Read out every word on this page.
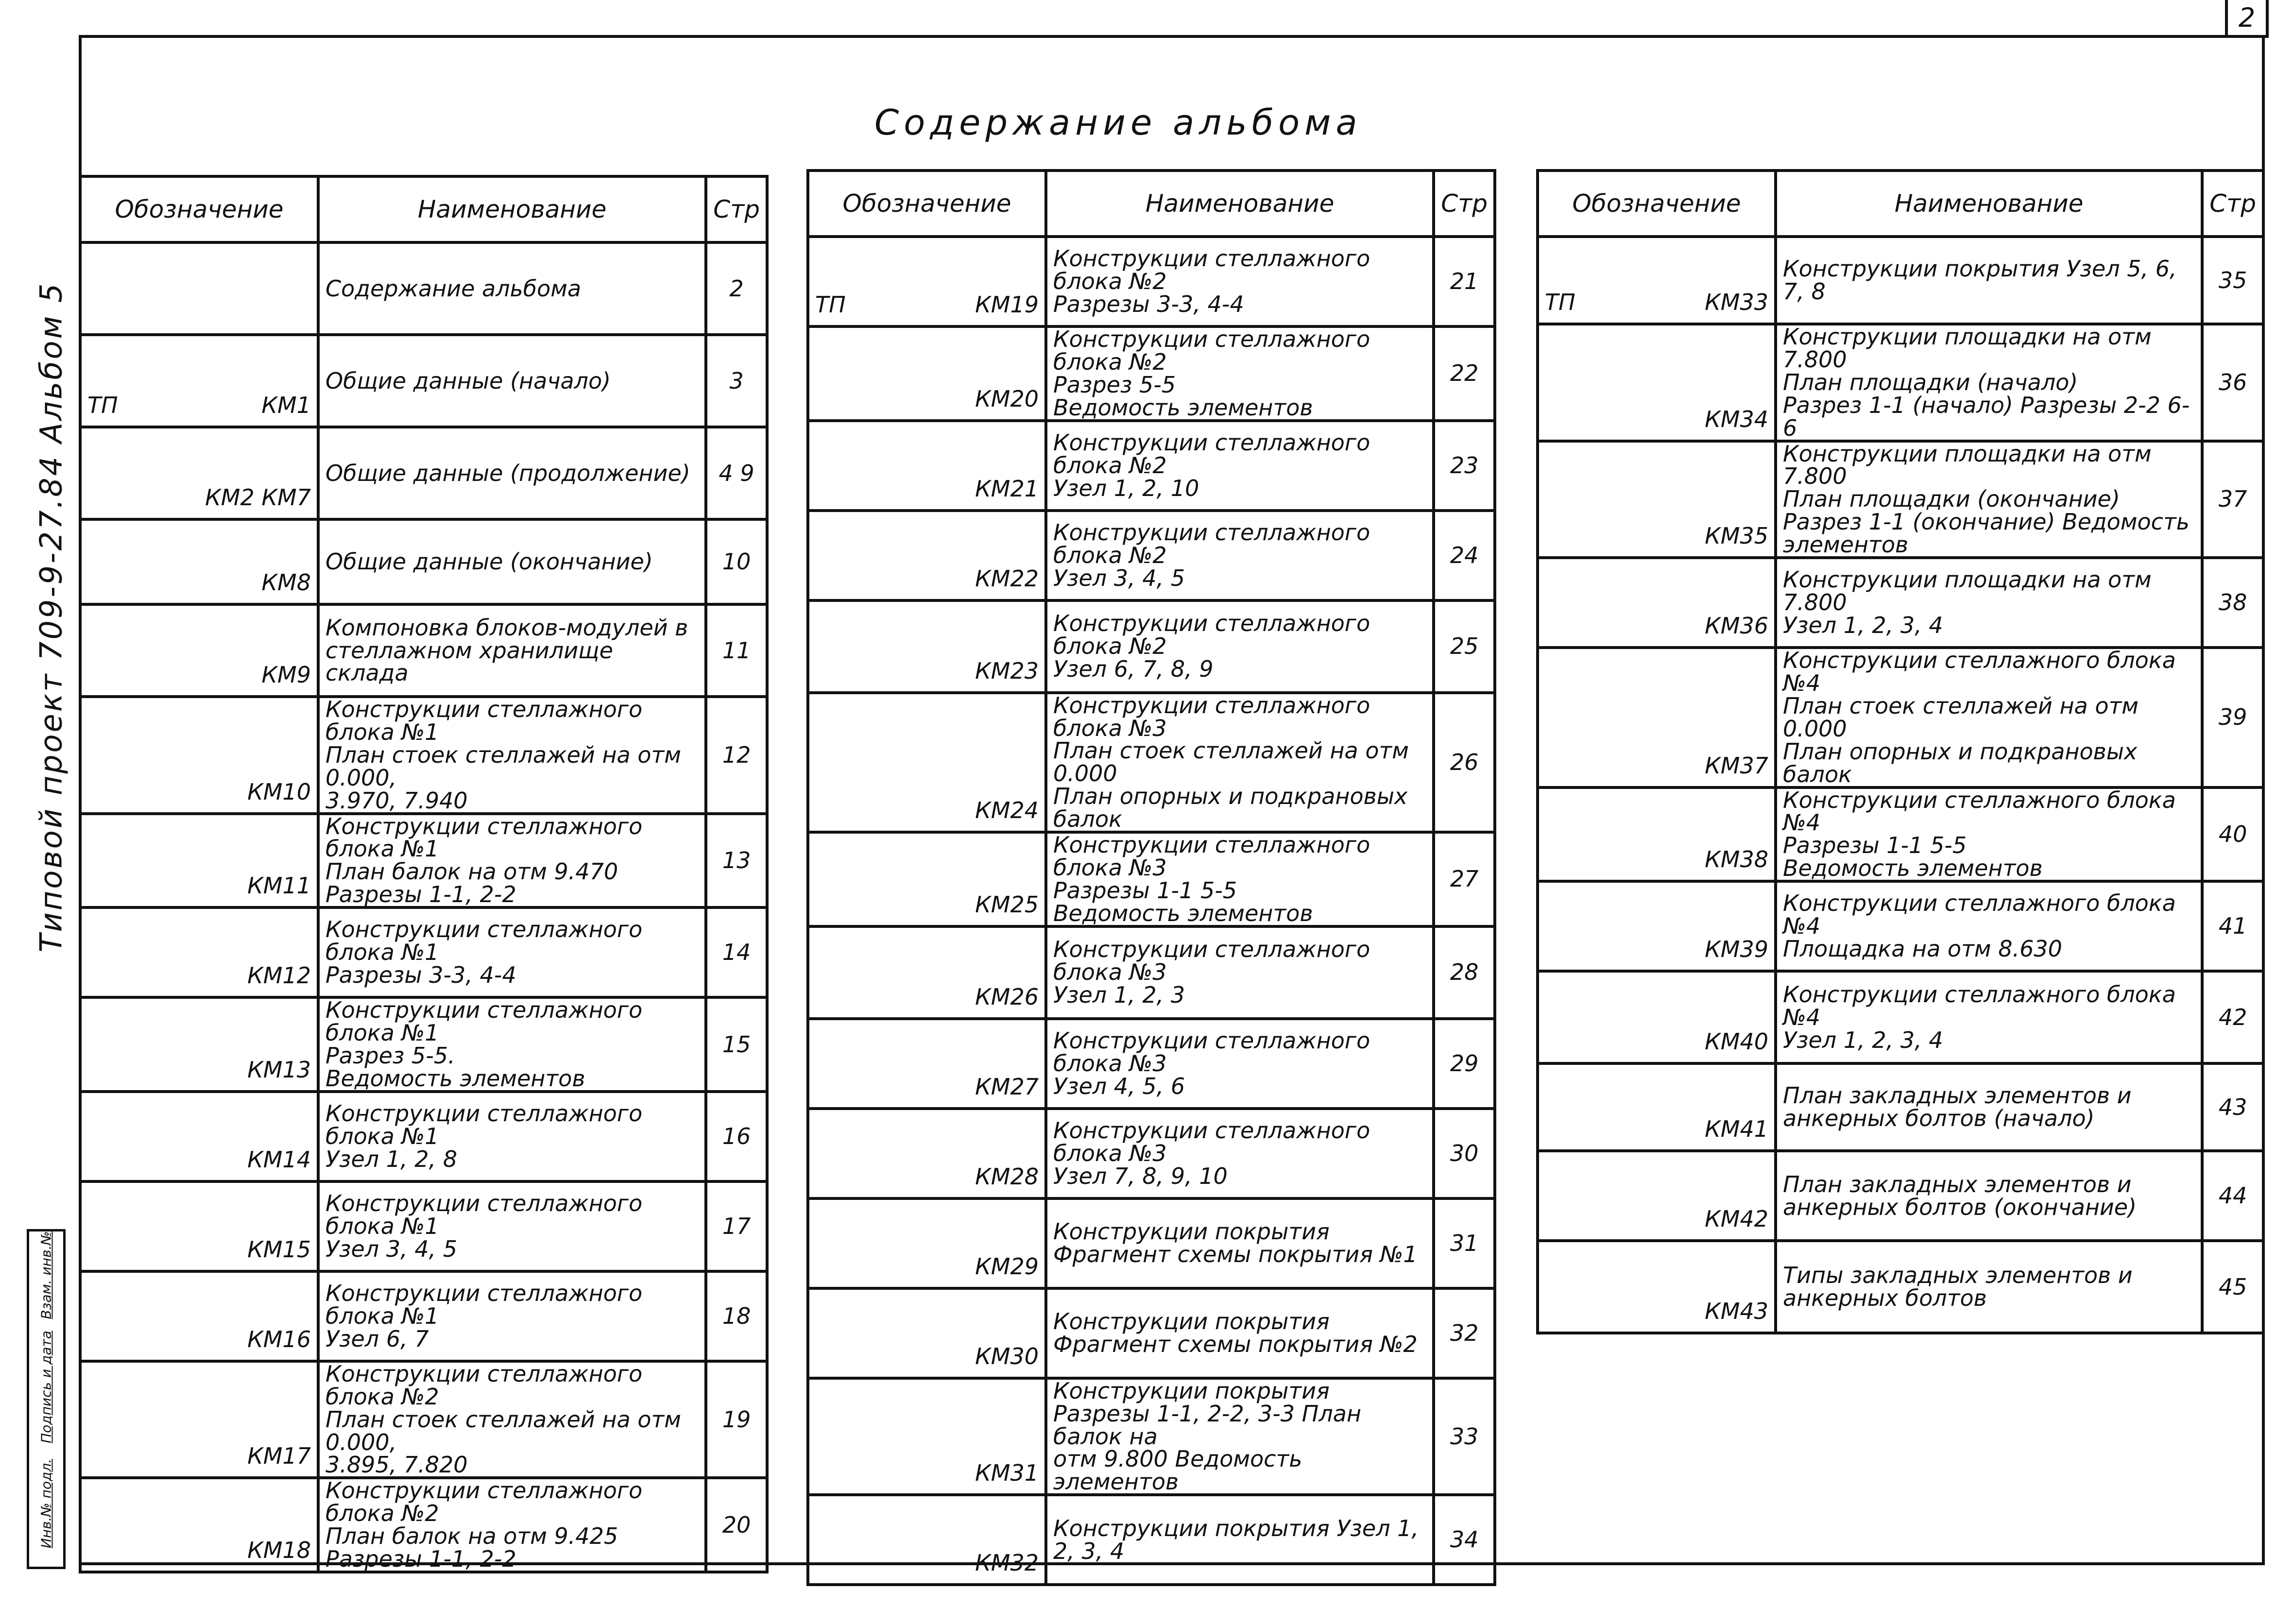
2
Содержание альбома
Типовой проект 709-9-27.84 Альбом 5
Инв.№ подл.
Подпись и дата
Взам. инв.№
Обозначение	Наименование	Стр

	Содержание альбома	2

ТП КМ1	Общие данные (начало)	3

КМ2 КМ7	Общие данные (продолжение)	4 9

КМ8	Общие данные (окончание)	10

КМ9	Компоновка блоков-модулей в
стеллажном хранилище склада	11

КМ10	Конструкции стеллажного блока №1
План стоек стеллажей на отм 0.000,
3.970, 7.940	12

КМ11	Конструкции стеллажного блока №1
План балок на отм 9.470
Разрезы 1-1, 2-2	13

КМ12	Конструкции стеллажного блока №1
Разрезы 3-3, 4-4	14

КМ13	Конструкции стеллажного блока №1
Разрез 5-5.
Ведомость элементов	15

КМ14	Конструкции стеллажного блока №1
Узел 1, 2, 8	16

КМ15	Конструкции стеллажного блока №1
Узел 3, 4, 5	17

КМ16	Конструкции стеллажного блока №1
Узел 6, 7	18

КМ17	Конструкции стеллажного блока №2
План стоек стеллажей на отм 0.000,
3.895, 7.820	19

КМ18	Конструкции стеллажного блока №2
План балок на отм 9.425
Разрезы 1-1, 2-2	20
Обозначение	Наименование	Стр

ТП КМ19	Конструкции стеллажного блока №2
Разрезы 3-3, 4-4	21

КМ20	Конструкции стеллажного блока №2
Разрез 5-5
Ведомость элементов	22

КМ21	Конструкции стеллажного блока №2
Узел 1, 2, 10	23

КМ22	Конструкции стеллажного блока №2
Узел 3, 4, 5	24

КМ23	Конструкции стеллажного блока №2
Узел 6, 7, 8, 9	25

КМ24	Конструкции стеллажного блока №3
План стоек стеллажей на отм 0.000
План опорных и подкрановых балок	26

КМ25	Конструкции стеллажного блока №3
Разрезы 1-1 5-5
Ведомость элементов	27

КМ26	Конструкции стеллажного блока №3
Узел 1, 2, 3	28

КМ27	Конструкции стеллажного блока №3
Узел 4, 5, 6	29

КМ28	Конструкции стеллажного блока №3
Узел 7, 8, 9, 10	30

КМ29	Конструкции покрытия
Фрагмент схемы покрытия №1	31

КМ30	Конструкции покрытия
Фрагмент схемы покрытия №2	32

КМ31	Конструкции покрытия
Разрезы 1-1, 2-2, 3-3 План балок на
отм 9.800 Ведомость элементов	33

КМ32	Конструкции покрытия Узел 1, 2, 3, 4	34
Обозначение	Наименование	Стр

ТП КМ33	Конструкции покрытия Узел 5, 6, 7, 8	35

КМ34	Конструкции площадки на отм 7.800
План площадки (начало)
Разрез 1-1 (начало) Разрезы 2-2 6-6	36

КМ35	Конструкции площадки на отм 7.800
План площадки (окончание)
Разрез 1-1 (окончание) Ведомость элементов	37

КМ36	Конструкции площадки на отм 7.800
Узел 1, 2, 3, 4	38

КМ37	Конструкции стеллажного блока №4
План стоек стеллажей на отм 0.000
План опорных и подкрановых балок	39

КМ38	Конструкции стеллажного блока №4
Разрезы 1-1 5-5
Ведомость элементов	40

КМ39	Конструкции стеллажного блока №4
Площадка на отм 8.630	41

КМ40	Конструкции стеллажного блока №4
Узел 1, 2, 3, 4	42

КМ41	План закладных элементов и
анкерных болтов (начало)	43

КМ42	План закладных элементов и
анкерных болтов (окончание)	44

КМ43	Типы закладных элементов и
анкерных болтов	45
